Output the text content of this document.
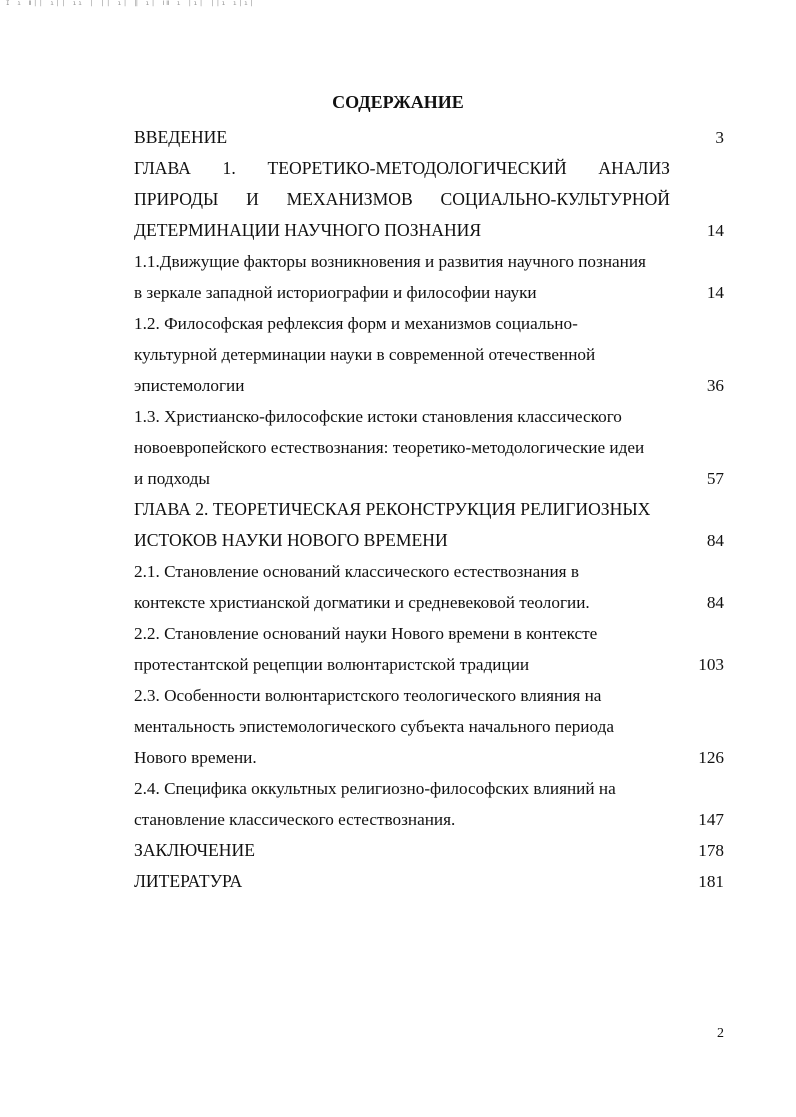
I ı Ⅱ|| ı|| ıı | || ı| ‖ ı| ⅠⅡ ı |ı| ||ı ı|ı|
СОДЕРЖАНИЕ
ВВЕДЕНИЕ	3
ГЛАВА 1. ТЕОРЕТИКО-МЕТОДОЛОГИЧЕСКИЙ АНАЛИЗ
ПРИРОДЫ И МЕХАНИЗМОВ СОЦИАЛЬНО-КУЛЬТУРНОЙ
ДЕТЕРМИНАЦИИ НАУЧНОГО ПОЗНАНИЯ	14
1.1.Движущие факторы возникновения и развития научного познания
в зеркале западной историографии и философии науки	14
1.2. Философская рефлексия форм и механизмов социально-
культурной детерминации науки в современной отечественной
эпистемологии	36
1.3. Христианско-философские истоки становления классического
новоевропейского естествознания: теоретико-методологические идеи
и подходы	57
ГЛАВА 2. ТЕОРЕТИЧЕСКАЯ РЕКОНСТРУКЦИЯ РЕЛИГИОЗНЫХ
ИСТОКОВ НАУКИ НОВОГО ВРЕМЕНИ	84
2.1. Становление оснований классического естествознания в
контексте христианской догматики и средневековой теологии.	84
2.2. Становление оснований науки Нового времени в контексте
протестантской рецепции волюнтаристской традиции	103
2.3. Особенности волюнтаристского теологического влияния на
ментальность эпистемологического субъекта начального периода
Нового времени.	126
2.4. Специфика оккультных религиозно-философских влияний на
становление классического естествознания.	147
ЗАКЛЮЧЕНИЕ	178
ЛИТЕРАТУРА	181
2
